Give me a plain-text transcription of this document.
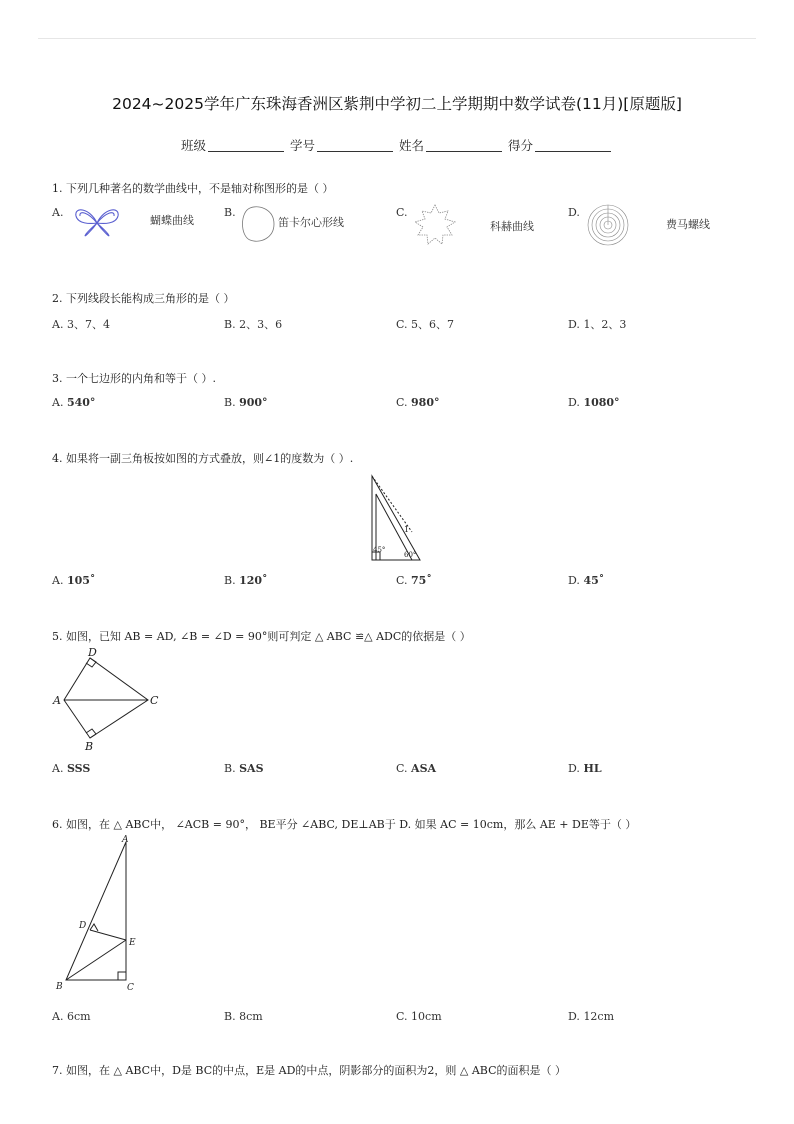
2024~2025学年广东珠海香洲区紫荆中学初二上学期期中数学试卷(11月)[原题版]
班级	学号	姓名	得分
1. 下列几种著名的数学曲线中，不是轴对称图形的是（ ）
A.
蝴蝶曲线
B.
笛卡尔心形线
C.
科赫曲线
D.
费马螺线
2. 下列线段长能构成三角形的是（ ）
A. 3、7、4	B. 2、3、6	C. 5、6、7	D. 1、2、3
3. 一个七边形的内角和等于（ ）.
A. 540°	B. 900°	C. 980°	D. 1080°
4. 如果将一副三角板按如图的方式叠放，则∠1的度数为（ ）.
1
45°
60°
A. 105˚	B. 120˚	C. 75˚	D. 45˚
5. 如图，已知 AB = AD, ∠B = ∠D = 90°则可判定 △ ABC ≌△ ADC的依据是（ ）
D
A	C
B
A. SSS	B. SAS	C. ASA	D. HL
6. 如图，在 △ ABC中， ∠ACB = 90°， BE平分 ∠ABC, DE⊥AB于 D. 如果 AC = 10cm，那么 AE + DE等于（ ）
A
D
E
B	C
A. 6cm	B. 8cm	C. 10cm	D. 12cm
7. 如图，在 △ ABC中，D是 BC的中点，E是 AD的中点，阴影部分的面积为2，则 △ ABC的面积是（ ）
